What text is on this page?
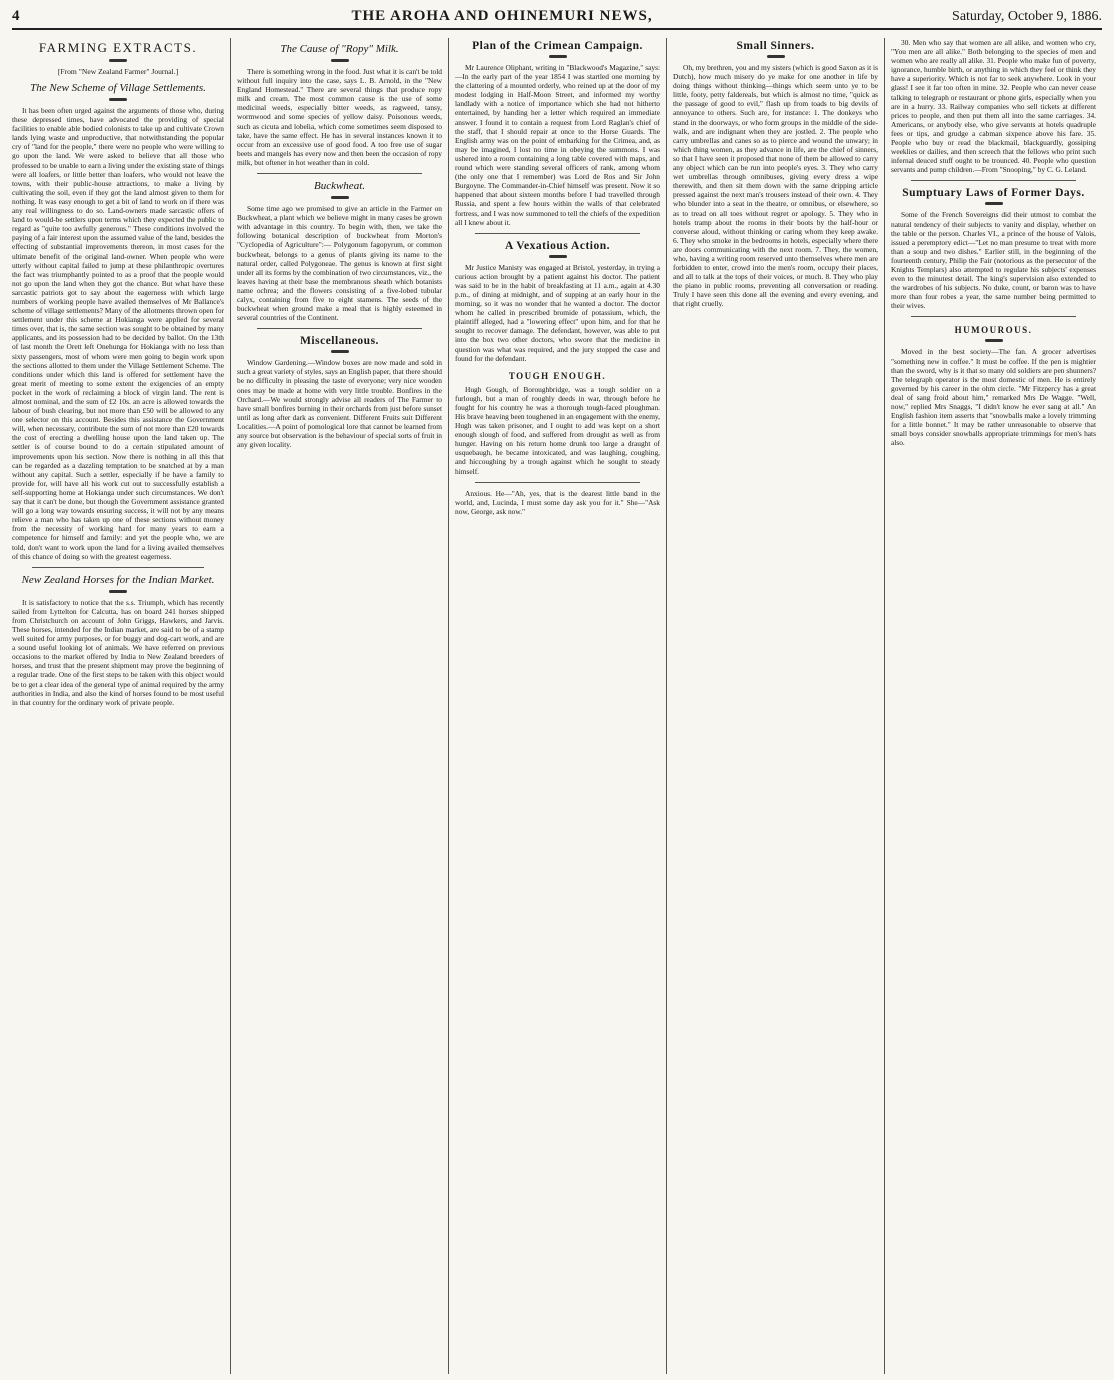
4	THE AROHA AND OHINEMURI NEWS,	Saturday, October 9, 1886.
FARMING EXTRACTS.
[From "New Zealand Farmer" Journal.]
The New Scheme of Village Settlements.

It has been often urged against the arguments of those who, during these depressed times, have advocated the providing of special facilities to enable able bodied colonists to take up and cultivate Crown lands lying waste and unproductive, that notwithstanding the popular cry of "land for the people," there were no people who were willing to go upon the land. We were asked to believe that all those who professed to be unable to earn a living under the existing state of things were all loafers, or little better than loafers, who would not leave the towns, with their public-house attractions, to make a living by cultivating the soil, even if they got the land almost given to them for nothing. It was easy enough to get a bit of land to work on if there was any real willingness to do so. Land-owners made sarcastic offers of land to would-be settlers upon terms which they expected the public to regard as "quite too awfully generous." These conditions involved the paying of a fair interest upon the assumed value of the land, besides the effecting of substantial improvements thereon, in most cases for the ultimate benefit of the original land-owner. When people who were utterly without capital failed to jump at these philanthropic overtures the fact was triumphantly pointed to as a proof that the people would not go upon the land when they got the chance. But what have these sarcastic patriots got to say about the eagerness with which large numbers of working people have availed themselves of Mr Ballance's scheme of village settlements? Many of the allotments thrown open for settlement under this scheme at Hokianga were applied for several times over, that is, the same section was sought to be obtained by many applicants, and its possession had to be decided by ballot. On the 13th of last month the Orett left Onehunga for Hokianga with no less than sixty passengers, most of whom were men going to begin work upon the sections allotted to them under the Village Settlement Scheme. The conditions under which this land is offered for settlement have the great merit of meeting to some extent the exigencies of an empty pocket in the work of reclaiming a block of virgin land. The rent is almost nominal, and the sum of £2 10s. an acre is allowed towards the labour of bush clearing, but not more than £50 will be allowed to any one selector on this account. Besides this assistance the Government will, when necessary, contribute the sum of not more than £20 towards the cost of erecting a dwelling house upon the land taken up. The settler is of course bound to do a certain stipulated amount of improvements upon his section. Now there is nothing in all this that can be regarded as a dazzling temptation to be snatched at by a man without any capital. Such a settler, especially if he have a family to provide for, will have all his work cut out to successfully establish a self-supporting home at Hokianga under such circumstances. We don't say that it can't be done, but though the Government assistance granted will go a long way towards ensuring success, it will not by any means relieve a man who has taken up one of these sections without money from the necessity of working hard for many years to earn a competence for himself and family: and yet the people who, we are told, don't want to work upon the land for a living availed themselves of this chance of doing so with the greatest eagerness.

New Zealand Horses for the Indian Market.

It is satisfactory to notice that the s.s. Triumph, which has recently sailed from Lyttelton for Calcutta, has on board 241 horses shipped from Christchurch on account of John Griggs, Hawkers, and Jarvis. These horses, intended for the Indian market, are said to be of a stamp well suited for army purposes, or for buggy and dog-cart work, and are a sound useful looking lot of animals. We have referred on previous occasions to the market offered by India to New Zealand breeders of horses, and trust that the present shipment may prove the beginning of a regular trade. One of the first steps to be taken with this object would be to get a clear idea of the general type of animal required by the army authorities in India, and also the kind of horses found to be most useful in that country for the ordinary work of private people.

The Cause of "Ropy" Milk.

There is something wrong in the food. Just what it is can't be told without full inquiry into the case, says L. B. Arnold, in the "New England Homestead." There are several things that produce ropy milk and cream. The most common cause is the use of some medicinal weeds, especially bitter weeds, as ragweed, tansy, wormwood and some species of yellow daisy. Poisonous weeds, such as cicuta and lobelia, which come sometimes seem disposed to take, have the same effect. He has in several instances known it to occur from an excessive use of good food. A too free use of sugar beets and mangels has every now and then been the occasion of ropy milk, but oftener in hot weather than in cold.

Buckwheat.

Some time ago we promised to give an article in the Farmer on Buckwheat, a plant which we believe might in many cases be grown with advantage in this country. To begin with, then, we take the following botanical description of buckwheat from Morton's "Cyclopedia of Agriculture":— Polygonum fagopyrum, or common buckwheat, belongs to a genus of plants giving its name to the natural order, called Polygoneae. The genus is known at first sight under all its forms by the combination of two circumstances, viz., the leaves having at their base the membranous sheath which botanists name ochrea; and the flowers consisting of a five-lobed tubular calyx, containing from five to eight stamens. The seeds of the buckwheat when ground make a meal that is highly esteemed in several countries of the Continent.

Miscellaneous.

Window Gardening.—Window boxes are now made and sold in such a great variety of styles, says an English paper, that there should be no difficulty in pleasing the taste of everyone; very nice wooden ones may be made at home with very little trouble. Bonfires in the Orchard.—We would strongly advise all readers of The Farmer to have small bonfires burning in their orchards from just before sunset until as long after dark as convenient. Different Fruits suit Different Localities.—A point of pomological lore that cannot be learned from any source but observation is the behaviour of special sorts of fruit in any given locality.

Plan of the Crimean Campaign.

Mr Laurence Oliphant, writing in "Blackwood's Magazine," says:—In the early part of the year 1854 I was startled one morning by the clattering of a mounted orderly, who reined up at the door of my modest lodging in Half-Moon Street, and informed my worthy landlady with a notice of importance which she had not hitherto entertained, by handing her a letter which required an immediate answer. I found it to contain a request from Lord Raglan's chief of the staff, that I should repair at once to the Horse Guards. The English army was on the point of embarking for the Crimea, and, as may be imagined, I lost no time in obeying the summons. I was ushered into a room containing a long table covered with maps, and round which were standing several officers of rank, among whom (the only one that I remember) was Lord de Ros and Sir John Burgoyne. The Commander-in-Chief himself was present. Now it so happened that about sixteen months before I had travelled through Russia, and spent a few hours within the walls of that celebrated fortress, and I was now summoned to tell the chiefs of the expedition all I knew about it.

A Vexatious Action.

Mr Justice Manisty was engaged at Bristol, yesterday, in trying a curious action brought by a patient against his doctor. The patient was said to be in the habit of breakfasting at 11 a.m., again at 4.30 p.m., of dining at midnight, and of supping at an early hour in the morning, so it was no wonder that he wanted a doctor. The doctor whom he called in prescribed bromide of potassium, which, the plaintiff alleged, had a "lowering effect" upon him, and for that he sought to recover damage. The defendant, however, was able to put into the box two other doctors, who swore that the medicine in question was what was required, and the jury stopped the case and found for the defendant.

TOUGH ENOUGH.

Hugh Gough, of Boroughbridge, was a tough soldier on a furlough, but a man of roughly deeds in war, through before he fought for his country he was a thorough tough-faced ploughman. His brave heaving been toughened in an engagement with the enemy, Hugh was taken prisoner, and I ought to add was kept on a short enough slough of food, and suffered from drought as well as from hunger. Having on his return home drunk too large a draught of usquebaugh, he became intoxicated, and was laughing, coughing, and hiccoughing by a trough against which he sought to steady himself.

Anxious. He—"Ah, yes, that is the dearest little band in the world, and, Lucinda, I must some day ask you for it." She—"Ask now, George, ask now."

Small Sinners.

Oh, my brethren, you and my sisters (which is good Saxon as it is Dutch), how much misery do ye make for one another in life by doing things without thinking—things which seem unto ye to be little, footy, petty faldereals, but which is almost no time, "quick as the passage of good to evil," flash up from toads to big devils of annoyance to others. Such are, for instance: 1. The donkeys who stand in the doorways, or who form groups in the middle of the side-walk, and are indignant when they are jostled. 2. The people who carry umbrellas and canes so as to pierce and wound the unwary; in which thing women, as they advance in life, are the chief of sinners, so that I have seen it proposed that none of them be allowed to carry any object which can be run into people's eyes. 3. They who carry wet umbrellas through omnibuses, giving every dress a wipe therewith, and then sit them down with the same dripping article pressed against the next man's trousers instead of their own. 4. They who blunder into a seat in the theatre, or omnibus, or elsewhere, so as to tread on all toes without regret or apology. 5. They who in hotels tramp about the rooms in their boots by the half-hour or converse aloud, without thinking or caring whom they keep awake. 6. They who smoke in the bedrooms in hotels, especially where there are doors communicating with the next room. 7. They, the women, who, having a writing room reserved unto themselves where men are forbidden to enter, crowd into the men's room, occupy their places, and all to talk at the tops of their voices, or much. 8. They who play the piano in public rooms, preventing all conversation or reading. Truly I have seen this done all the evening and every evening, and that right cruelly.

30. Men who say that women are all alike, and women who cry, "You men are all alike." Both belonging to the species of men and women who are really all alike. 31. People who make fun of poverty, ignorance, humble birth, or anything in which they feel or think they have a superiority. Which is not far to seek anywhere. Look in your glass! I see it far too often in mine. 32. People who can never cease talking to telegraph or restaurant or phone girls, especially when you are in a hurry. 33. Railway companies who sell tickets at different prices to people, and then put them all into the same carriages. 34. Americans, or anybody else, who give servants at hotels quadruple fees or tips, and grudge a cabman sixpence above his fare. 35. People who buy or read the blackmail, blackguardly, gossiping weeklies or dailies, and then screech that the fellows who print such infernal deuced stuff ought to be trounced. 40. People who question servants and pump children.—From "Snooping," by C. G. Leland.

Sumptuary Laws of Former Days.

Some of the French Sovereigns did their utmost to combat the natural tendency of their subjects to vanity and display, whether on the table or the person. Charles VI., a prince of the house of Valois, issued a peremptory edict—"Let no man presume to treat with more than a soup and two dishes." Earlier still, in the beginning of the fourteenth century, Philip the Fair (notorious as the persecutor of the Knights Templars) also attempted to regulate his subjects' expenses even to the minutest detail. The king's supervision also extended to the wardrobes of his subjects. No duke, count, or baron was to have more than four robes a year, the same number being permitted to their wives.

HUMOUROUS.

Moved in the best society—The fan. A grocer advertises "something new in coffee." It must be coffee. If the pen is mightier than the sword, why is it that so many old soldiers are pen shunners? The telegraph operator is the most domestic of men. He is entirely governed by his career in the ohm circle. "Mr Fitzpercy has a great deal of sang froid about him," remarked Mrs De Wagge. "Well, now," replied Mrs Snaggs, "I didn't know he ever sang at all." An English fashion item asserts that "snowballs make a lovely trimming for a little bonnet." It may be rather unreasonable to observe that small boys consider snowballs appropriate trimmings for men's hats also.
